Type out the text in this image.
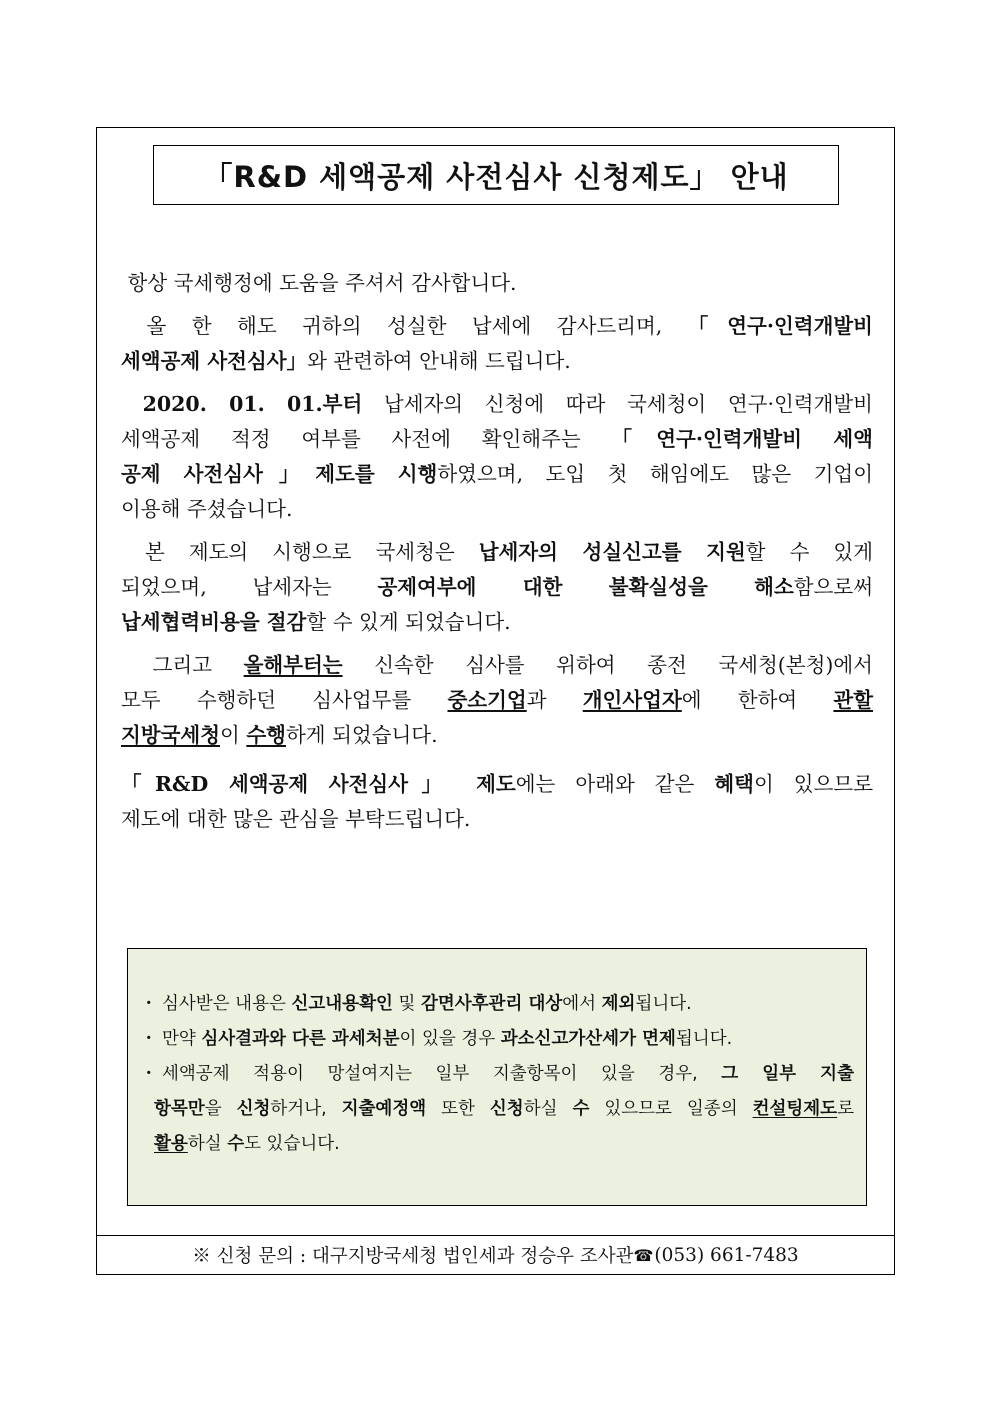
「R&D 세액공제 사전심사 신청제도」 안내

항상 국세행정에 도움을 주셔서 감사합니다.

올 한 해도 귀하의 성실한 납세에 감사드리며, 「연구·인력개발비
세액공제 사전심사」와 관련하여 안내해 드립니다.

2020. 01. 01.부터 납세자의 신청에 따라 국세청이 연구·인력개발비
세액공제 적정 여부를 사전에 확인해주는 「연구·인력개발비 세액
공제 사전심사」제도를 시행하였으며, 도입 첫 해임에도 많은 기업이
이용해 주셨습니다.

본 제도의 시행으로 국세청은 납세자의 성실신고를 지원할 수 있게
되었으며, 납세자는 공제여부에 대한 불확실성을 해소함으로써
납세협력비용을 절감할 수 있게 되었습니다.

그리고 올해부터는 신속한 심사를 위하여 종전 국세청(본청)에서
모두 수행하던 심사업무를 중소기업과 개인사업자에 한하여 관할
지방국세청이 수행하게 되었습니다.

「R&D 세액공제 사전심사」 제도에는 아래와 같은 혜택이 있으므로
제도에 대한 많은 관심을 부탁드립니다.

・ 심사받은 내용은 신고내용확인 및 감면사후관리 대상에서 제외됩니다.
・ 만약 심사결과와 다른 과세처분이 있을 경우 과소신고가산세가 면제됩니다.
・ 세액공제 적용이 망설여지는 일부 지출항목이 있을 경우, 그 일부 지출
항목만을 신청하거나, 지출예정액 또한 신청하실 수 있으므로 일종의 컨설팅제도로
활용하실 수도 있습니다.
※ 신청 문의 : 대구지방국세청 법인세과 정승우 조사관 ☎ (053) 661-7483
